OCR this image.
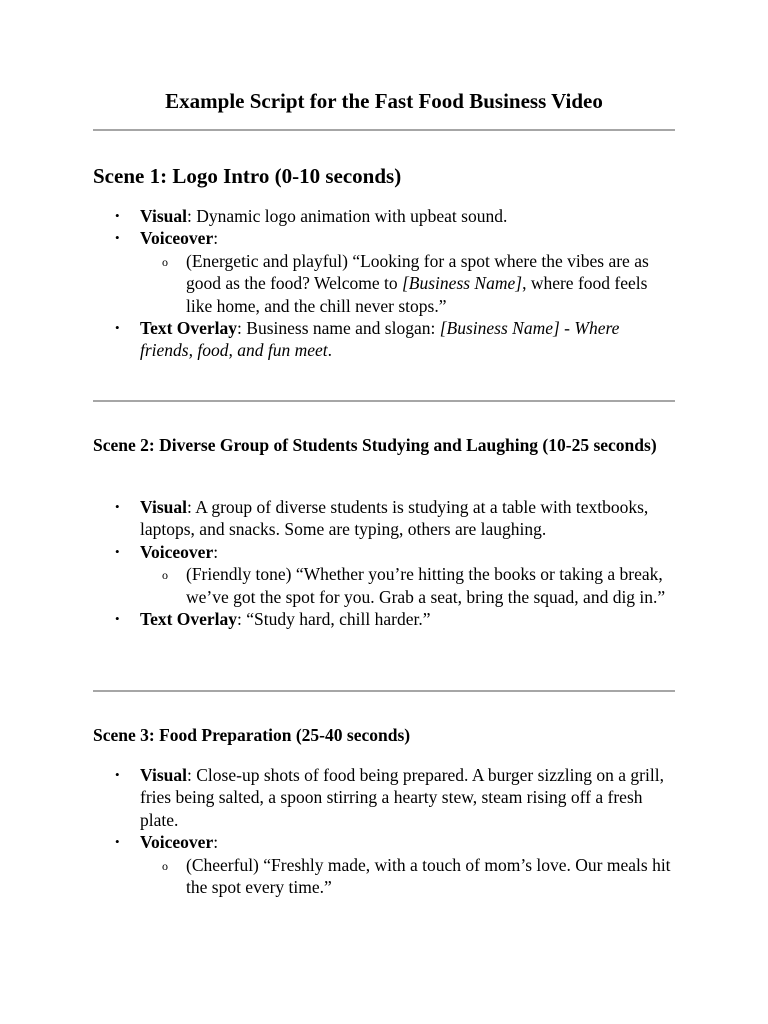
Example Script for the Fast Food Business Video
Scene 1: Logo Intro (0-10 seconds)
• Visual: Dynamic logo animation with upbeat sound.
• Voiceover:
o (Energetic and playful) “Looking for a spot where the vibes are as good as the food? Welcome to [Business Name], where food feels like home, and the chill never stops.”
• Text Overlay: Business name and slogan: [Business Name] - Where friends, food, and fun meet.
Scene 2: Diverse Group of Students Studying and Laughing (10-25 seconds)
• Visual: A group of diverse students is studying at a table with textbooks, laptops, and snacks. Some are typing, others are laughing.
• Voiceover:
o (Friendly tone) “Whether you’re hitting the books or taking a break, we’ve got the spot for you. Grab a seat, bring the squad, and dig in.”
• Text Overlay: “Study hard, chill harder.”
Scene 3: Food Preparation (25-40 seconds)
• Visual: Close-up shots of food being prepared. A burger sizzling on a grill, fries being salted, a spoon stirring a hearty stew, steam rising off a fresh plate.
• Voiceover:
o (Cheerful) “Freshly made, with a touch of mom’s love. Our meals hit the spot every time.”
